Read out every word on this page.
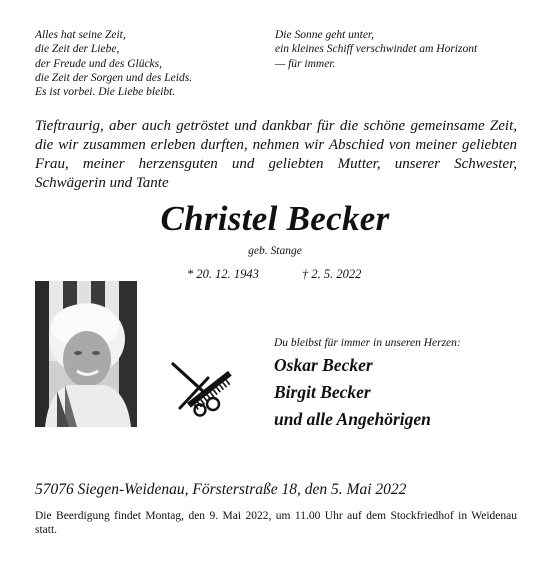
Alles hat seine Zeit,
die Zeit der Liebe,
der Freude und des Glücks,
die Zeit der Sorgen und des Leids.
Es ist vorbei. Die Liebe bleibt.
Die Sonne geht unter,
ein kleines Schiff verschwindet am Horizont
— für immer.
Tieftraurig, aber auch getröstet und dankbar für die schöne gemeinsame Zeit, die wir zusammen erleben durften, nehmen wir Abschied von meiner geliebten Frau, meiner herzensguten und geliebten Mutter, unserer Schwester, Schwägerin und Tante
Christel Becker
geb. Stange
* 20. 12. 1943	† 2. 5. 2022
Du bleibst für immer in unseren Herzen:
Oskar Becker
Birgit Becker
und alle Angehörigen
57076 Siegen-Weidenau, Försterstraße 18, den 5. Mai 2022
Die Beerdigung findet Montag, den 9. Mai 2022, um 11.00 Uhr auf dem Stockfriedhof in Weidenau statt.
